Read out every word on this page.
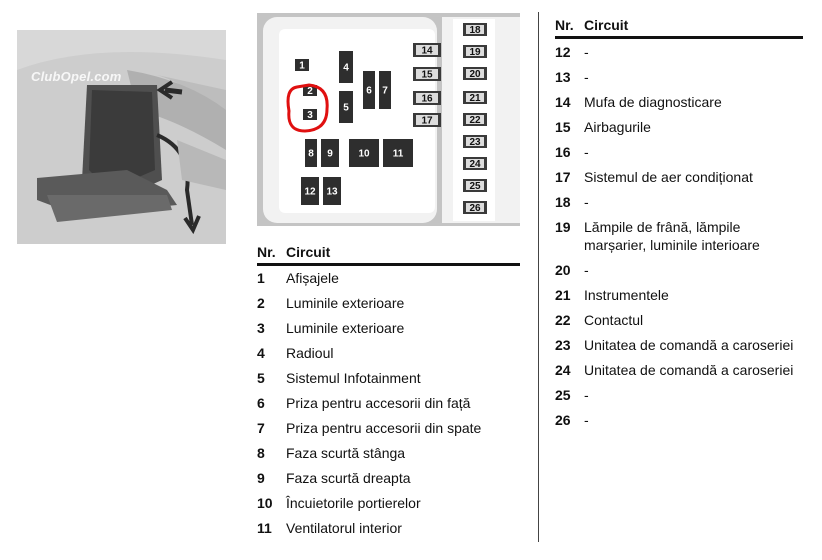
ClubOpel.com
1
2
3
4
5
6 7
8 9	10 11
12 13
14
15
16
17
18
19
20
21
22
23
24
25
26
Nr. Circuit
1	Afișajele
2	Luminile exterioare
3	Luminile exterioare
4	Radioul
5	Sistemul Infotainment
6	Priza pentru accesorii din față
7	Priza pentru accesorii din spate
8	Faza scurtă stânga
9	Faza scurtă dreapta
10 Încuietorile portierelor
11	Ventilatorul interior
Nr. Circuit
12 -
13 -
14 Mufa de diagnosticare
15 Airbagurile
16 -
17 Sistemul de aer condiționat
18 -
19 Lămpile de frână, lămpile marșarier, luminile interioare
20 -
21 Instrumentele
22 Contactul
23 Unitatea de comandă a caroseriei
24 Unitatea de comandă a caroseriei
25 -
26 -
